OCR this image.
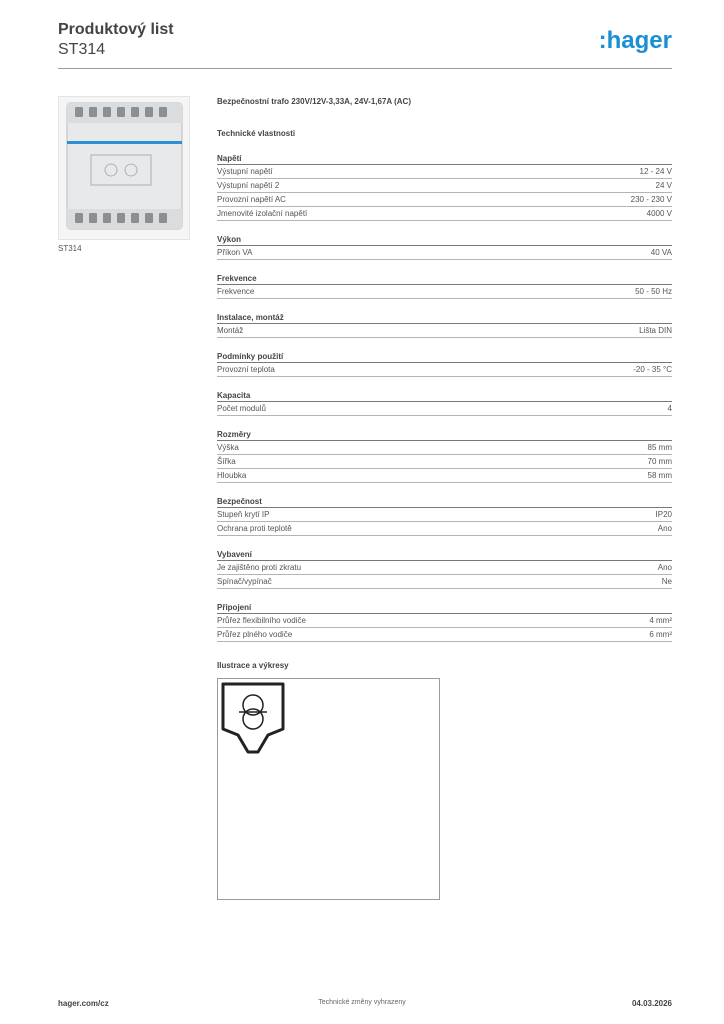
Produktový list
ST314	:hager
ST314
Bezpečnostní trafo 230V/12V-3,33A, 24V-1,67A (AC)
Technické vlastnosti
Napětí
Výstupní napětí	12 - 24 V
Výstupní napětí 2	24 V
Provozní napětí AC	230 - 230 V
Jmenovité izolační napětí	4000 V
Výkon
Příkon VA	40 VA
Frekvence
Frekvence	50 - 50 Hz
Instalace, montáž
Montáž	Lišta DIN
Podmínky použití
Provozní teplota	-20 - 35 °C
Kapacita
Počet modulů	4
Rozměry
Výška	85 mm
Šířka	70 mm
Hloubka	58 mm
Bezpečnost
Stupeň krytí IP	IP20
Ochrana proti teplotě	Ano
Vybavení
Je zajištěno proti zkratu	Ano
Spínač/vypínač	Ne
Připojení
Průřez flexibilního vodiče	4 mm²
Průřez plného vodiče	6 mm²
Ilustrace a výkresy
hager.com/cz	Technické změny vyhrazeny	04.03.2026
